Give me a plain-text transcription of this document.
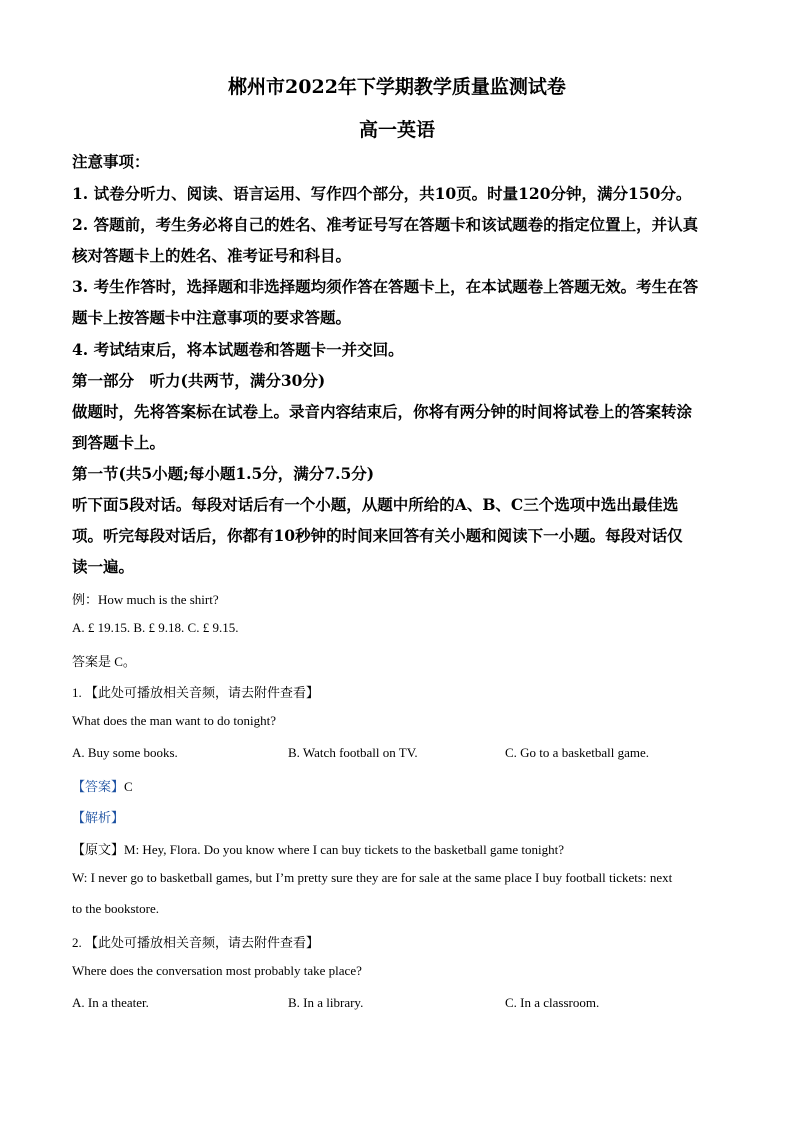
郴州市2022年下学期教学质量监测试卷
高一英语
注意事项：
1. 试卷分听力、阅读、语言运用、写作四个部分，共10页。时量120分钟，满分150分。
2. 答题前，考生务必将自己的姓名、准考证号写在答题卡和该试题卷的指定位置上，并认真
核对答题卡上的姓名、准考证号和科目。
3. 考生作答时，选择题和非选择题均须作答在答题卡上，在本试题卷上答题无效。考生在答
题卡上按答题卡中注意事项的要求答题。
4. 考试结束后，将本试题卷和答题卡一并交回。
第一部分　听力(共两节，满分30分)
做题时，先将答案标在试卷上。录音内容结束后，你将有两分钟的时间将试卷上的答案转涂
到答题卡上。
第一节(共5小题;每小题1.5分，满分7.5分)
听下面5段对话。每段对话后有一个小题，从题中所给的A、B、C三个选项中选出最佳选
项。听完每段对话后，你都有10秒钟的时间来回答有关小题和阅读下一小题。每段对话仅
读一遍。
例：How much is the shirt?
A. £ 19.15. B. £ 9.18. C. £ 9.15.
答案是 C。
1. 【此处可播放相关音频，请去附件查看】
What does the man want to do tonight?
A. Buy some books.	B. Watch football on TV.	C. Go to a basketball game.
【答案】C
【解析】
【原文】M: Hey, Flora. Do you know where I can buy tickets to the basketball game tonight?
W: I never go to basketball games, but I’m pretty sure they are for sale at the same place I buy football tickets: next
to the bookstore.
2. 【此处可播放相关音频，请去附件查看】
Where does the conversation most probably take place?
A. In a theater.	B. In a library.	C. In a classroom.
